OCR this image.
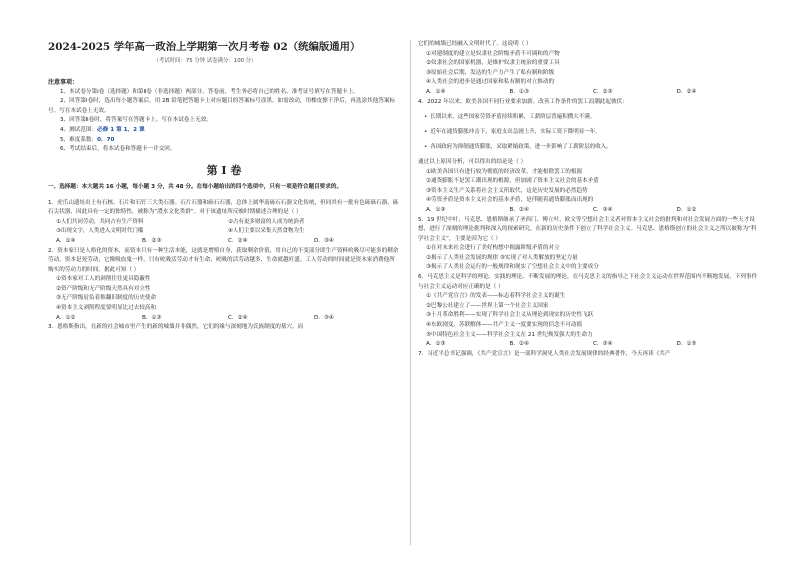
2024-2025 学年高一政治上学期第一次月考卷 02（统编版通用）
（考试时间：75 分钟 试卷满分：100 分）

注意事项：

1、本试卷分第Ⅰ卷（选择题）和第Ⅱ卷（非选择题）两部分。答卷前，考生务必将自己的姓名、准考证号填写在答题卡上。

2、回答第Ⅰ卷时，选出每小题答案后，用 2B 铅笔把答题卡上对应题目的答案标号涂黑。如需改动，用橡皮擦干净后，再选涂其他答案标号。写在本试卷上无效。

3、回答第Ⅱ卷时，将答案写在答题卡上。写在本试卷上无效。

4、测试范围：必修 1 第 1、2 课

5、难度系数：0．70

6、考试结束后，将本试卷和答题卡一并交回。

第 Ⅰ 卷

一、选择题：本大题共 16 小题，每小题 3 分，共 48 分。在每小题给出的四个选项中，只有一项是符合题目要求的。

1．虎爪山遗址出土有石核、石片和石钉三大类石器。石片石器和砾石石器，总体上属华南砾石石器文化传统，但同其有一批有色砾砾石器、砾石尖状器，因此具有一定的独特性，被称为“澧水文化类群”。对于该遗址所反映时期描述合理的是（ ）

①人们共同劳动，共同占有生产资料	②占有更多财富的人成为统治者
③出现文字，人类进入文明时代门槛	④人们主要以采集天然食物为生
A．①④	B．②③	C．②④	D．③④

2．资本家只是人格化的资本，而资本只有一种生活本能，这就是增殖自身，获取剩余价值，用自己的不变部分即生产资料吮吸尽可能多的剩余劳动。资本是死劳动，它像吸血鬼一样，只有吮吸活劳动才有生命，吮吸的活劳动越多，生命就越旺盛。工人劳动的时间就是资本家消费他所购买的劳动力的时间。据此可知（ ）

①资本家对工人的剥削往往更具隐蔽性

②资产阶级和无产阶级天然具有对立性

③无产阶级肩负着推翻旧制度的历史使命

④资本主义剥削程度要明显比过去较高和

A．①②	B．①③	C．②④	D．③④

3．恩格斯指出，在新的社会城市里产生的新的城墙并非偶然，它们的缘与深刻地为氏族制度的墓穴，而

它们的城墙已经融入文明时代了。这说明（ ）

①对建制度的建立是奴隶社会阶级矛盾不可调和的产物

②奴隶社会的国家机器，是维护奴隶主统治的重要工具

③原始社会后期，发达的生产力产生了私有制和阶级

④人类社会的进步是通过国家和私有制的对立推动的

A．①④	B．①③	C．②③	D．②④

4．2022 年以来，欧美各国不同行业要求加薪、改善工作条件的罢工浪潮此起彼伏：

• 长期以来，这些国家劳资矛盾持续积累，工薪阶层普遍积攒大不满。

• 近年在通货膨胀冲击下，家庭支出急剧上升，实际工资下降明显一年。

• 各国政府为抑制通货膨胀，采取紧缩政策，进一步影响了工薪阶层的收入。

通过以上原因分析，可以得出的结论是（ ）

①欧美各国只有进行较为彻底的经济改革，才能根除罢工的根源

②通货膨胀不是罢工潮出现的根源，但加剧了资本主义社会的基本矛盾

③资本主义生产关系将社会主义所取代，这是历史发展的必然趋势

④劳资矛盾是资本主义社会的基本矛盾，是伴随着通货膨胀而出现的

A．①③	B．②④	C．③④	D．①②

5．19 世纪中叶，马克思、恩格斯继承了圣西门、傅立叶、欧文等空想社会主义者对资本主义社会的批判和对社会发展方面的一些天才设想，进行了深刻的理论批判和深入的探索研究，在新的历史条件下创立了科学社会主义。马克思、恩格斯创立的社会主义之所以被称为“科学社会主义”，主要是因为它（ ）

①在对未来社会进行了美好构想中揭露阶级矛盾的对立

②揭示了人类社会发展的规律 ③实现了对人类解放的坚定力量

③揭示了人类社会运行的一般规律和现实了空想社会主义中的主要成分

6．马克思主义是科学的理论、实践的理论、不断发展的理论，在马克思主义的指导之下社会主义运动在世界范围内不断地发展。下列事件与社会主义运动对应正确的是（ ）

①《共产党宣言》的发表——标志着科学社会主义的诞生

②巴黎公社建立了——世界上第一个社会主义国家

③十月革命胜利——实现了科学社会主义从理论到现实的历史性飞跃

④东欧剧变、苏联解体——共产主义一度要实现的信念不可动摇

⑤中国特色社会主义——科学社会主义在 21 世纪焕发强大的生命力

A．①③	B．②④	C．③④	D．①⑤

7．习近平总书记强调，《共产党宣言》是一部科学洞见人类社会发展规律的经典著作，今天再读《共产
